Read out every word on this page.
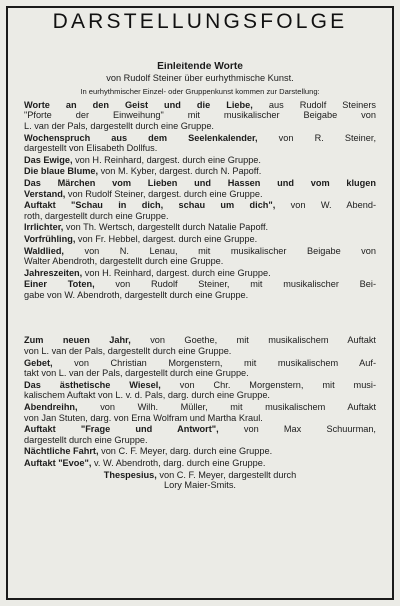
DARSTELLUNGSFOLGE
Einleitende Worte
von Rudolf Steiner über eurhythmische Kunst.
In eurhythmischer Einzel- oder Gruppenkunst kommen zur Darstellung:
Worte an den Geist und die Liebe, aus Rudolf Steiners
"Pforte der Einweihung" mit musikalischer Beigabe von
L. van der Pals, dargestellt durch eine Gruppe.
Wochenspruch aus dem Seelenkalender, von R. Steiner,
dargestellt von Elisabeth Dollfus.
Das Ewige, von H. Reinhard, dargest. durch eine Gruppe.
Die blaue Blume, von M. Kyber, dargest. durch N. Papoff.
Das Märchen vom Lieben und Hassen und vom klugen
Verstand, von Rudolf Steiner, dargest. durch eine Gruppe.
Auftakt "Schau in dich, schau um dich", von W. Abend-
roth, dargestellt durch eine Gruppe.
Irrlichter, von Th. Wertsch, dargestellt durch Natalie Papoff.
Vorfrühling, von Fr. Hebbel, dargest. durch eine Gruppe.
Waldlied, von N. Lenau, mit musikalischer Beigabe von
Walter Abendroth, dargestellt durch eine Gruppe.
Jahreszeiten, von H. Reinhard, dargest. durch eine Gruppe.
Einer Toten, von Rudolf Steiner, mit musikalischer Bei-
gabe von W. Abendroth, dargestellt durch eine Gruppe.
Zum neuen Jahr, von Goethe, mit musikalischem Auftakt
von L. van der Pals, dargestellt durch eine Gruppe.
Gebet, von Christian Morgenstern, mit musikalischem Auf-
takt von L. van der Pals, dargestellt durch eine Gruppe.
Das ästhetische Wiesel, von Chr. Morgenstern, mit musi-
kalischem Auftakt von L. v. d. Pals, darg. durch eine Gruppe.
Abendreihn, von Wilh. Müller, mit musikalischem Auftakt
von Jan Stuten, darg. von Erna Wolfram und Martha Kraul.
Auftakt "Frage und Antwort", von Max Schuurman,
dargestellt durch eine Gruppe.
Nächtliche Fahrt, von C. F. Meyer, darg. durch eine Gruppe.
Auftakt "Evoe", v. W. Abendroth, darg. durch eine Gruppe.
Thespesius, von C. F. Meyer, dargestellt durch
Lory Maier-Smits.
